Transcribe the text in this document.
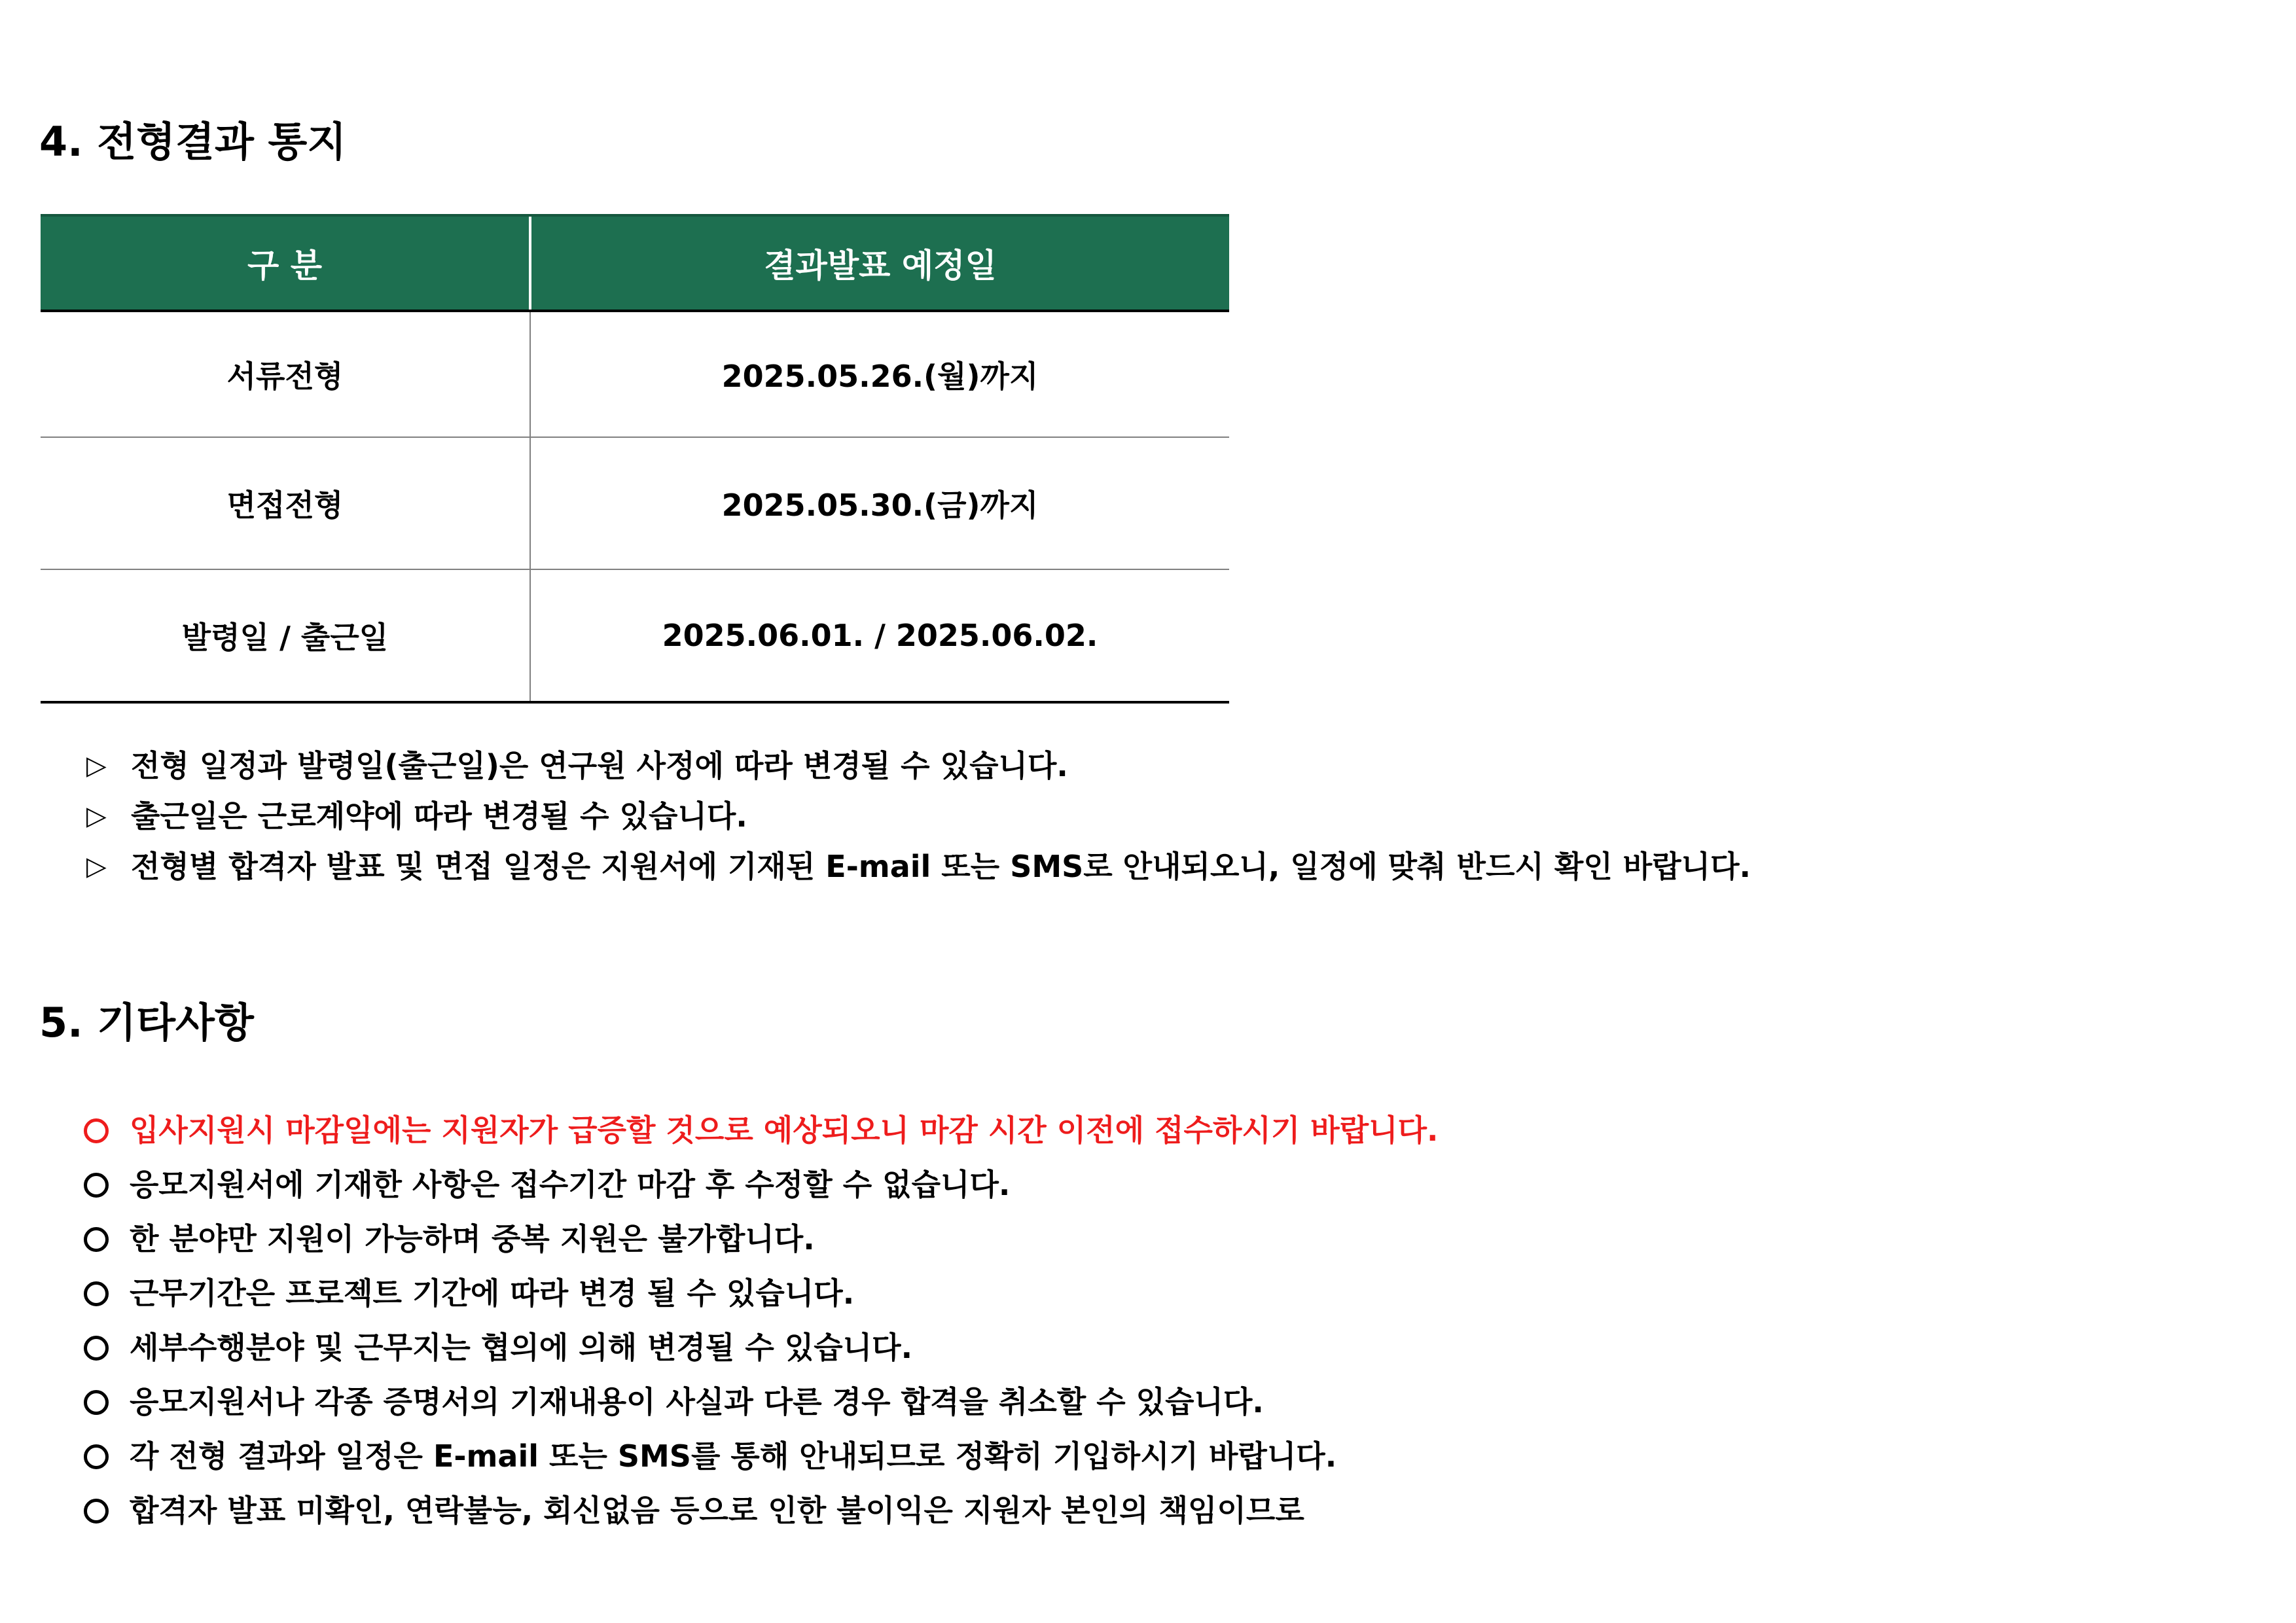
4. 전형결과 통지
구 분	결과발표 예정일
서류전형	2025.05.26.(월)까지
면접전형	2025.05.30.(금)까지
발령일 / 출근일	2025.06.01. / 2025.06.02.
▷ 전형 일정과 발령일(출근일)은 연구원 사정에 따라 변경될 수 있습니다.
▷ 출근일은 근로계약에 따라 변경될 수 있습니다.
▷ 전형별 합격자 발표 및 면접 일정은 지원서에 기재된 E-mail 또는 SMS로 안내되오니, 일정에 맞춰 반드시 확인 바랍니다.
5. 기타사항
입사지원시 마감일에는 지원자가 급증할 것으로 예상되오니 마감 시간 이전에 접수하시기 바랍니다.
응모지원서에 기재한 사항은 접수기간 마감 후 수정할 수 없습니다.
한 분야만 지원이 가능하며 중복 지원은 불가합니다.
근무기간은 프로젝트 기간에 따라 변경 될 수 있습니다.
세부수행분야 및 근무지는 협의에 의해 변경될 수 있습니다.
응모지원서나 각종 증명서의 기재내용이 사실과 다른 경우 합격을 취소할 수 있습니다.
각 전형 결과와 일정은 E-mail 또는 SMS를 통해 안내되므로 정확히 기입하시기 바랍니다.
합격자 발표 미확인, 연락불능, 회신없음 등으로 인한 불이익은 지원자 본인의 책임이므로
